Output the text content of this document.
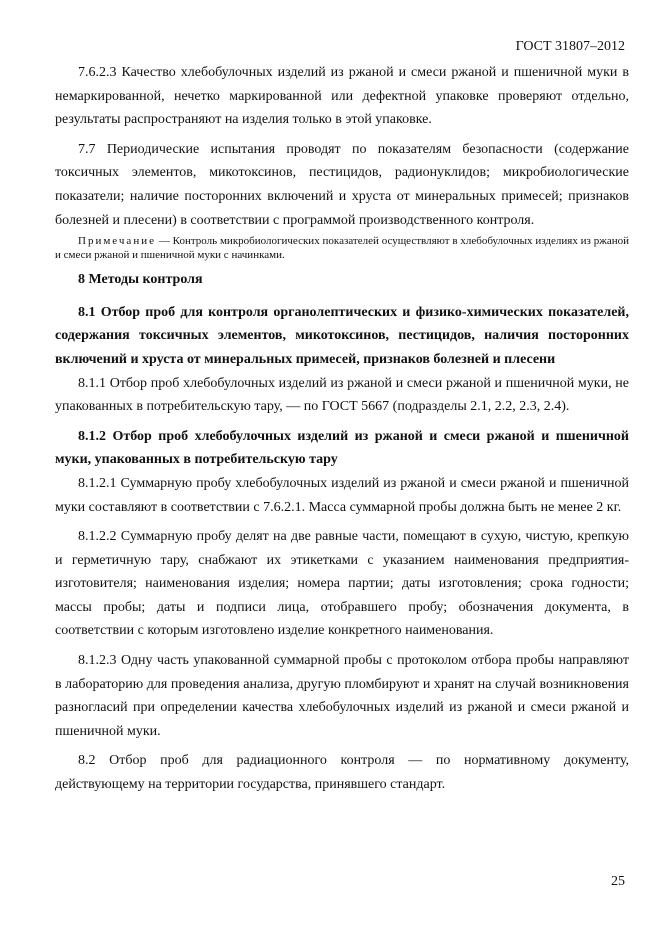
ГОСТ 31807–2012

7.6.2.3 Качество хлебобулочных изделий из ржаной и смеси ржаной и пшеничной муки в немаркированной, нечетко маркированной или дефектной упаковке проверяют отдельно, результаты распространяют на изделия только в этой упаковке.

7.7 Периодические испытания проводят по показателям безопасности (содержание токсичных элементов, микотоксинов, пестицидов, радионуклидов; микробиологические показатели; наличие посторонних включений и хруста от минеральных примесей; признаков болезней и плесени) в соответствии с программой производственного контроля.

Примечание — Контроль микробиологических показателей осуществляют в хлебобулочных изделиях из ржаной и смеси ржаной и пшеничной муки с начинками.

8 Методы контроля
8.1 Отбор проб для контроля органолептических и физико-химических показателей, содержания токсичных элементов, микотоксинов, пестицидов, наличия посторонних включений и хруста от минеральных примесей, признаков болезней и плесени

8.1.1 Отбор проб хлебобулочных изделий из ржаной и смеси ржаной и пшеничной муки, не упакованных в потребительскую тару, — по ГОСТ 5667 (подразделы 2.1, 2.2, 2.3, 2.4).

8.1.2 Отбор проб хлебобулочных изделий из ржаной и смеси ржаной и пшеничной муки, упакованных в потребительскую тару

8.1.2.1 Суммарную пробу хлебобулочных изделий из ржаной и смеси ржаной и пшеничной муки составляют в соответствии с 7.6.2.1. Масса суммарной пробы должна быть не менее 2 кг.

8.1.2.2 Суммарную пробу делят на две равные части, помещают в сухую, чистую, крепкую и герметичную тару, снабжают их этикетками с указанием наименования предприятия-изготовителя; наименования изделия; номера партии; даты изготовления; срока годности; массы пробы; даты и подписи лица, отобравшего пробу; обозначения документа, в соответствии с которым изготовлено изделие конкретного наименования.

8.1.2.3 Одну часть упакованной суммарной пробы с протоколом отбора пробы направляют в лабораторию для проведения анализа, другую пломбируют и хранят на случай возникновения разногласий при определении качества хлебобулочных изделий из ржаной и смеси ржаной и пшеничной муки.

8.2 Отбор проб для радиационного контроля — по нормативному документу, действующему на территории государства, принявшего стандарт.

25
